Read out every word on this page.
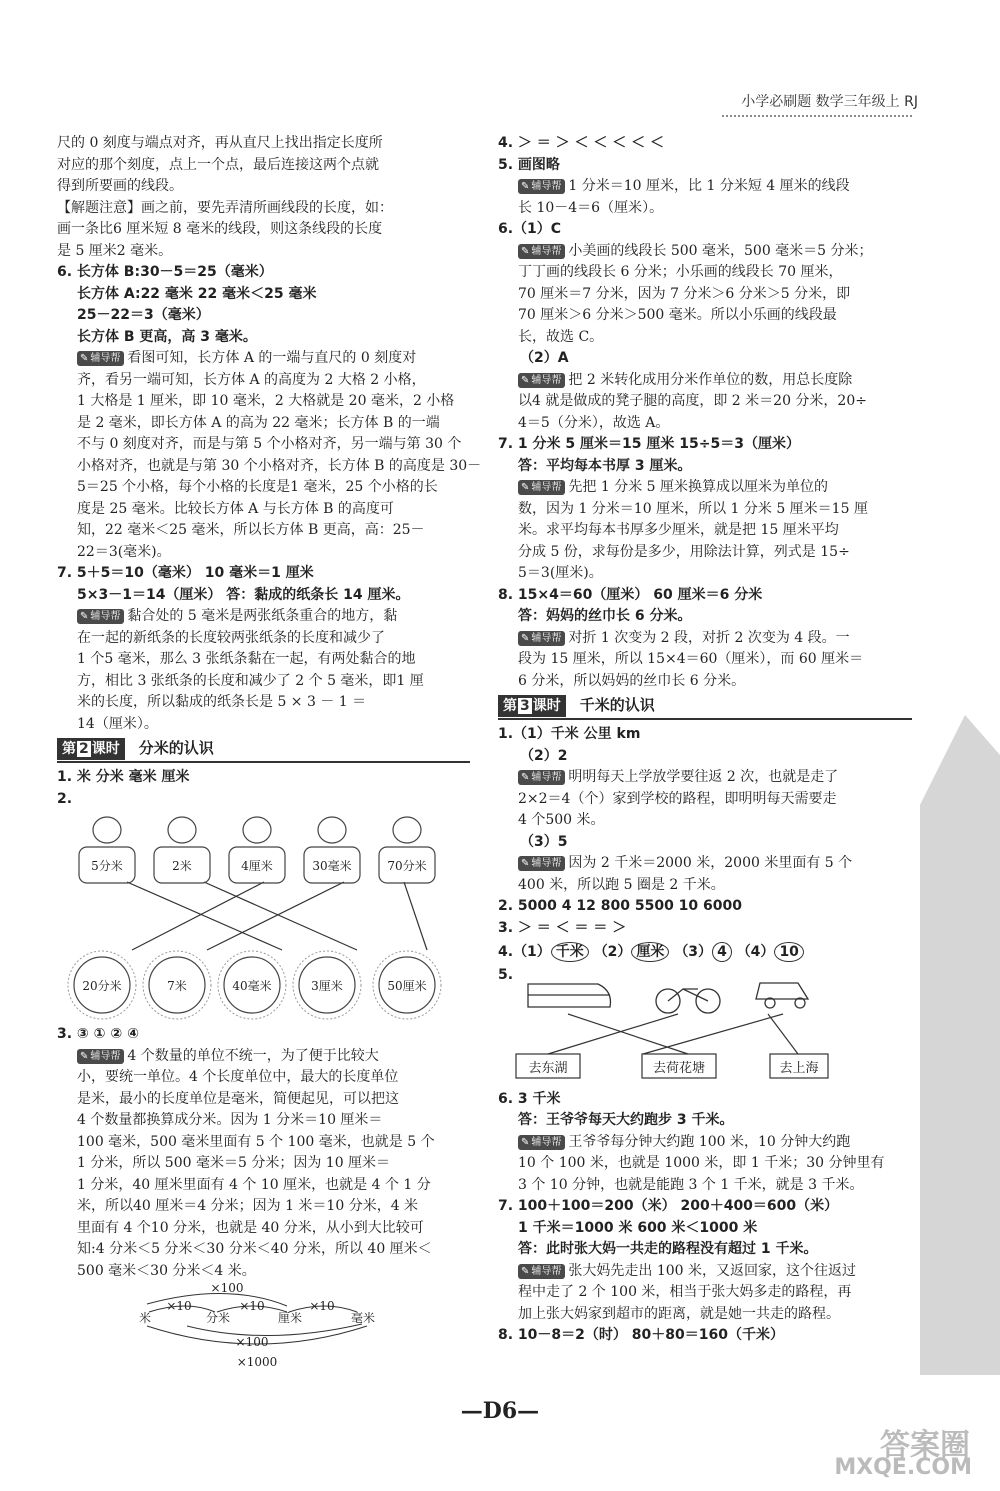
小学必刷题 数学三年级上 RJ
尺的 0 刻度与端点对齐，再从直尺上找出指定长度所
对应的那个刻度，点上一个点，最后连接这两个点就
得到所要画的线段。
【解题注意】画之前，要先弄清所画线段的长度，如：
画一条比6 厘米短 8 毫米的线段，则这条线段的长度
是 5 厘米2 毫米。
6. 长方体 B:30－5＝25（毫米）
长方体 A:22 毫米 22 毫米＜25 毫米
25－22＝3（毫米）
长方体 B 更高，高 3 毫米。
✎ 辅导帮 看图可知，长方体 A 的一端与直尺的 0 刻度对
齐，看另一端可知，长方体 A 的高度为 2 大格 2 小格，
1 大格是 1 厘米，即 10 毫米，2 大格就是 20 毫米，2 小格
是 2 毫米，即长方体 A 的高为 22 毫米；长方体 B 的一端
不与 0 刻度对齐，而是与第 5 个小格对齐，另一端与第 30 个
小格对齐，也就是与第 30 个小格对齐，长方体 B 的高度是 30－
5＝25 个小格，每个小格的长度是1 毫米，25 个小格的长
度是 25 毫米。比较长方体 A 与长方体 B 的高度可
知，22 毫米＜25 毫米，所以长方体 B 更高，高：25－
22＝3(毫米)。
7. 5＋5＝10（毫米） 10 毫米＝1 厘米
5×3－1＝14（厘米） 答：黏成的纸条长 14 厘米。
✎ 辅导帮 黏合处的 5 毫米是两张纸条重合的地方，黏
在一起的新纸条的长度较两张纸条的长度和减少了
1 个5 毫米，那么 3 张纸条黏在一起，有两处黏合的地
方，相比 3 张纸条的长度和减少了 2 个 5 毫米，即1 厘
米的长度，所以黏成的纸条长是 5 × 3 － 1 ＝
14（厘米）。
第 2 课时	分米的认识
1. 米 分米 毫米 厘米
2.
5分米	2米	4厘米	30毫米	70分米
20分米	7米	40毫米	3厘米	50厘米
3. ③ ① ② ④
✎ 辅导帮 4 个数量的单位不统一，为了便于比较大
小，要统一单位。4 个长度单位中，最大的长度单位
是米，最小的长度单位是毫米，简便起见，可以把这
4 个数量都换算成分米。因为 1 分米＝10 厘米＝
100 毫米，500 毫米里面有 5 个 100 毫米，也就是 5 个
1 分米，所以 500 毫米＝5 分米；因为 10 厘米＝
1 分米，40 厘米里面有 4 个 10 厘米，也就是 4 个 1 分
米，所以40 厘米＝4 分米；因为 1 米＝10 分米，4 米
里面有 4 个10 分米，也就是 40 分米，从小到大比较可
知:4 分米＜5 分米＜30 分米＜40 分米，所以 40 厘米＜
500 毫米＜30 分米＜4 米。
米	分米	厘米	毫米
×10	×10	×10
×100
×100
×1000
4. ＞ ＝ ＞ ＜ ＜ ＜ ＜ ＜
5. 画图略
✎ 辅导帮 1 分米＝10 厘米，比 1 分米短 4 厘米的线段
长 10－4＝6（厘米）。
6.（1）C
✎ 辅导帮 小美画的线段长 500 毫米，500 毫米＝5 分米；
丁丁画的线段长 6 分米；小乐画的线段长 70 厘米，
70 厘米＝7 分米，因为 7 分米＞6 分米＞5 分米，即
70 厘米＞6 分米＞500 毫米。所以小乐画的线段最
长，故选 C。
（2）A
✎ 辅导帮 把 2 米转化成用分米作单位的数，用总长度除
以4 就是做成的凳子腿的高度，即 2 米＝20 分米，20÷
4＝5（分米），故选 A。
7. 1 分米 5 厘米＝15 厘米 15÷5＝3（厘米）
答：平均每本书厚 3 厘米。
✎ 辅导帮 先把 1 分米 5 厘米换算成以厘米为单位的
数，因为 1 分米＝10 厘米，所以 1 分米 5 厘米＝15 厘
米。求平均每本书厚多少厘米，就是把 15 厘米平均
分成 5 份，求每份是多少，用除法计算，列式是 15÷
5＝3(厘米)。
8. 15×4＝60（厘米） 60 厘米＝6 分米
答：妈妈的丝巾长 6 分米。
✎ 辅导帮 对折 1 次变为 2 段，对折 2 次变为 4 段。一
段为 15 厘米，所以 15×4＝60（厘米），而 60 厘米＝
6 分米，所以妈妈的丝巾长 6 分米。
第 3 课时	千米的认识
1.（1）千米 公里 km
（2）2
✎ 辅导帮 明明每天上学放学要往返 2 次，也就是走了
2×2＝4（个）家到学校的路程，即明明每天需要走
4 个500 米。
（3）5
✎ 辅导帮 因为 2 千米＝2000 米，2000 米里面有 5 个
400 米，所以跑 5 圈是 2 千米。
2. 5000 4 12 800 5500 10 6000
3. ＞ ＝ ＜ ＝ ＝ ＞
4.（1） 千米 （2） 厘米 （3） 4 （4） 10
5.
去东湖	去荷花塘	去上海
6. 3 千米
答：王爷爷每天大约跑步 3 千米。
✎ 辅导帮 王爷爷每分钟大约跑 100 米，10 分钟大约跑
10 个 100 米，也就是 1000 米，即 1 千米；30 分钟里有
3 个 10 分钟，也就是能跑 3 个 1 千米，就是 3 千米。
7. 100＋100＝200（米） 200＋400＝600（米）
1 千米＝1000 米 600 米＜1000 米
答：此时张大妈一共走的路程没有超过 1 千米。
✎ 辅导帮 张大妈先走出 100 米，又返回家，这个往返过
程中走了 2 个 100 米，相当于张大妈多走的路程，再
加上张大妈家到超市的距离，就是她一共走的路程。
8. 10－8＝2（时） 80＋80＝160（千米）
—D6—
答案圈
MXQE.COM
